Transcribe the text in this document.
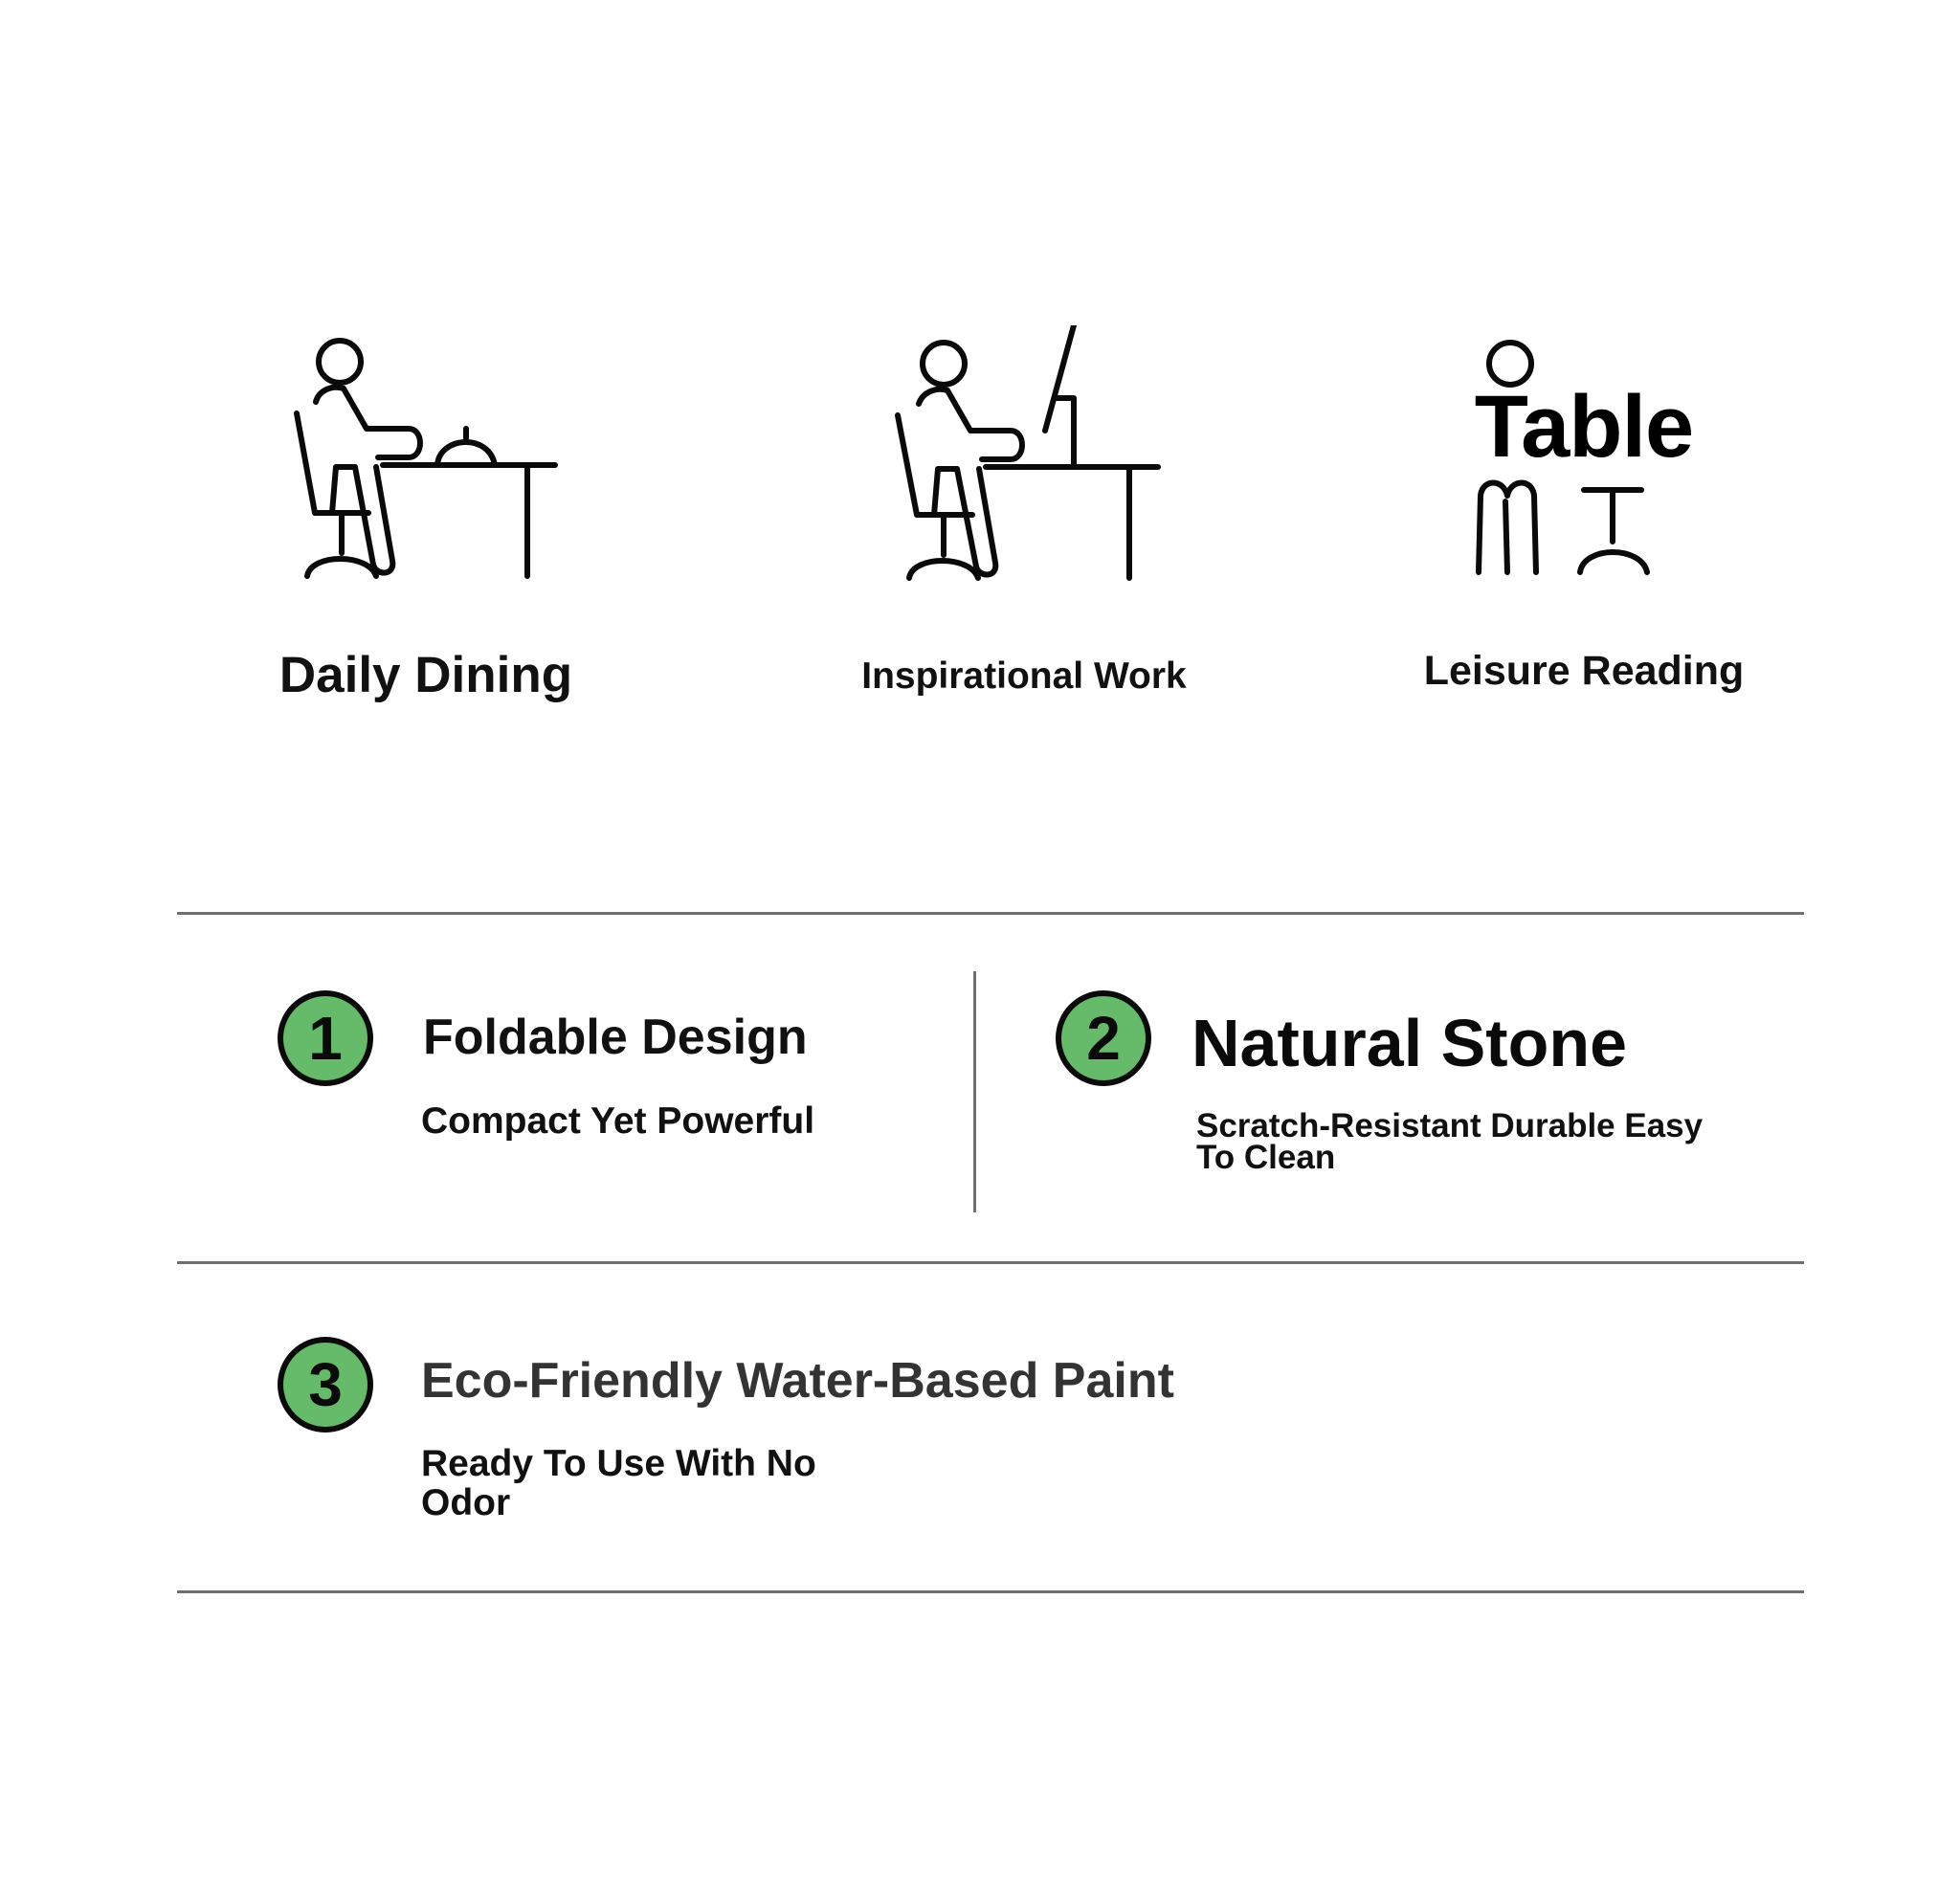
Daily Dining	Inspirational Work
Table
Leisure Reading
1	Foldable Design
Compact Yet Powerful
2	Natural Stone
Scratch-Resistant Durable Easy To Clean
3	Eco-Friendly Water-Based Paint
Ready To Use With No Odor
